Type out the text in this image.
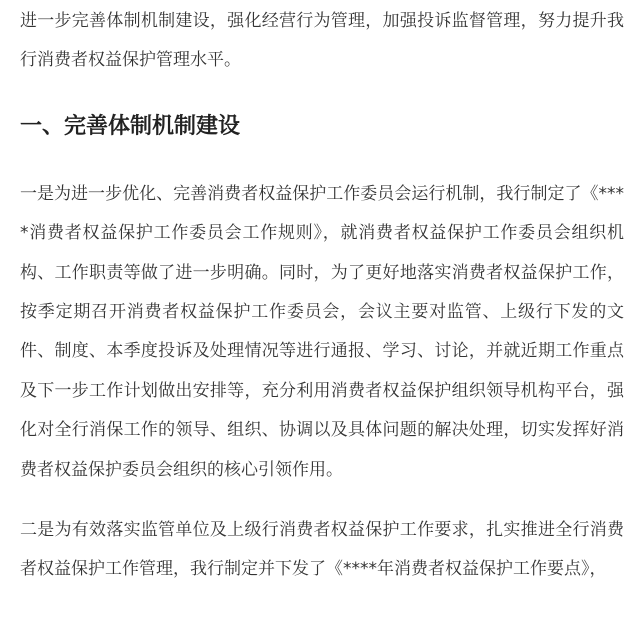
进一步完善体制机制建设，强化经营行为管理，加强投诉监督管理，努力提升我行消费者权益保护管理水平。

一、完善体制机制建设

一是为进一步优化、完善消费者权益保护工作委员会运行机制，我行制定了《****消费者权益保护工作委员会工作规则》，就消费者权益保护工作委员会组织机构、工作职责等做了进一步明确。同时，为了更好地落实消费者权益保护工作，按季定期召开消费者权益保护工作委员会，会议主要对监管、上级行下发的文件、制度、本季度投诉及处理情况等进行通报、学习、讨论，并就近期工作重点及下一步工作计划做出安排等，充分利用消费者权益保护组织领导机构平台，强化对全行消保工作的领导、组织、协调以及具体问题的解决处理，切实发挥好消费者权益保护委员会组织的核心引领作用。

二是为有效落实监管单位及上级行消费者权益保护工作要求，扎实推进全行消费者权益保护工作管理，我行制定并下发了《****年消费者权益保护工作要点》，
